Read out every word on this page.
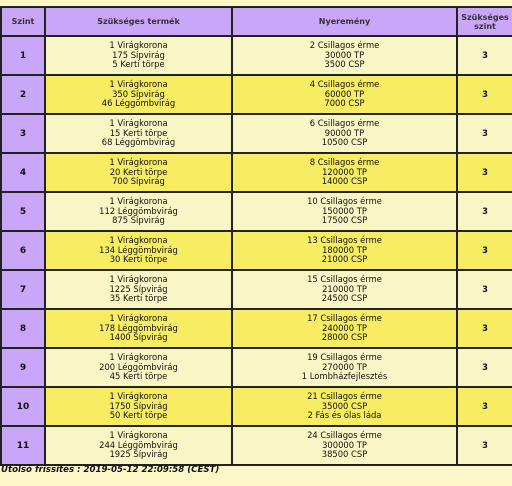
Szint	Szükséges termék	Nyeremény	Szükséges
szint

1	1 Virágkorona
175 Sípvirág
5 Kerti törpe	2 Csillagos érme
30000 TP
3500 CSP	3
2	1 Virágkorona
350 Sípvirág
46 Léggömbvirág	4 Csillagos érme
60000 TP
7000 CSP	3
3	1 Virágkorona
15 Kerti törpe
68 Léggömbvirág	6 Csillagos érme
90000 TP
10500 CSP	3
4	1 Virágkorona
20 Kerti törpe
700 Sípvirág	8 Csillagos érme
120000 TP
14000 CSP	3
5	1 Virágkorona
112 Léggömbvirág
875 Sípvirág	10 Csillagos érme
150000 TP
17500 CSP	3
6	1 Virágkorona
134 Léggömbvirág
30 Kerti törpe	13 Csillagos érme
180000 TP
21000 CSP	3
7	1 Virágkorona
1225 Sípvirág
35 Kerti törpe	15 Csillagos érme
210000 TP
24500 CSP	3
8	1 Virágkorona
178 Léggömbvirág
1400 Sípvirág	17 Csillagos érme
240000 TP
28000 CSP	3
9	1 Virágkorona
200 Léggömbvirág
45 Kerti törpe	19 Csillagos érme
270000 TP
1 Lombházfejlesztés	3
10	1 Virágkorona
1750 Sípvirág
50 Kerti törpe	21 Csillagos érme
35000 CSP
2 Fás és ólas láda	3
11	1 Virágkorona
244 Léggömbvirág
1925 Sípvirág	24 Csillagos érme
300000 TP
38500 CSP	3
Utolsó frissítés : 2019-05-12 22:09:58 (CEST)
